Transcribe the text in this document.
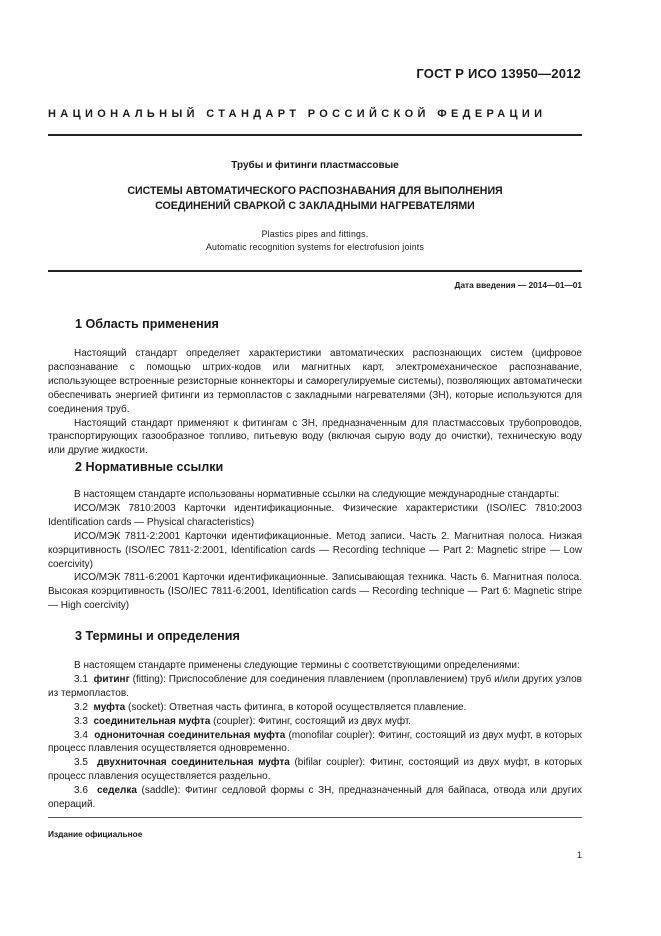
ГОСТ Р ИСО 13950—2012
НАЦИОНАЛЬНЫЙ СТАНДАРТ РОССИЙСКОЙ ФЕДЕРАЦИИ
Трубы и фитинги пластмассовые
СИСТЕМЫ АВТОМАТИЧЕСКОГО РАСПОЗНАВАНИЯ ДЛЯ ВЫПОЛНЕНИЯ
СОЕДИНЕНИЙ СВАРКОЙ С ЗАКЛАДНЫМИ НАГРЕВАТЕЛЯМИ
Plastics pipes and fittings.
Automatic recognition systems for electrofusion joints
Дата введения — 2014—01—01
1 Область применения

Настоящий стандарт определяет характеристики автоматических распознающих систем (цифровое распознавание с помощью штрих-кодов или магнитных карт, электромеханическое распознавание, использующее встроенные резисторные коннекторы и саморегулируемые системы), позволяющих автоматически обеспечивать энергией фитинги из термопластов с закладными нагревателями (ЗН), которые используются для соединения труб.

Настоящий стандарт применяют к фитингам с ЗН, предназначенным для пластмассовых трубопроводов, транспортирующих газообразное топливо, питьевую воду (включая сырую воду до очистки), техническую воду или другие жидкости.

2 Нормативные ссылки

В настоящем стандарте использованы нормативные ссылки на следующие международные стандарты:

ИСО/МЭК 7810:2003 Карточки идентификационные. Физические характеристики (ISO/IEC 7810:2003 Identification cards — Physical characteristics)

ИСО/МЭК 7811-2:2001 Карточки идентификационные. Метод записи. Часть 2. Магнитная полоса. Низкая коэрцитивность (ISO/IEC 7811-2:2001, Identification cards — Recording technique — Part 2: Magnetic stripe — Low coercivity)

ИСО/МЭК 7811-6:2001 Карточки идентификационные. Записывающая техника. Часть 6. Магнитная полоса. Высокая коэрцитивность (ISO/IEC 7811-6:2001, Identification cards — Recording technique — Part 6: Magnetic stripe — High coercivity)

3 Термины и определения

В настоящем стандарте применены следующие термины с соответствующими определениями:

3.1 фитинг (fitting): Приспособление для соединения плавлением (проплавлением) труб и/или других узлов из термопластов.
3.2 муфта (socket): Ответная часть фитинга, в которой осуществляется плавление.
3.3 соединительная муфта (coupler): Фитинг, состоящий из двух муфт.
3.4 однониточная соединительная муфта (monofilar coupler): Фитинг, состоящий из двух муфт, в которых процесс плавления осуществляется одновременно.
3.5 двухниточная соединительная муфта (bifilar coupler): Фитинг, состоящий из двух муфт, в которых процесс плавления осуществляется раздельно.
3.6 седелка (saddle): Фитинг седловой формы с ЗН, предназначенный для байпаса, отвода или других операций.
Издание официальное
1
